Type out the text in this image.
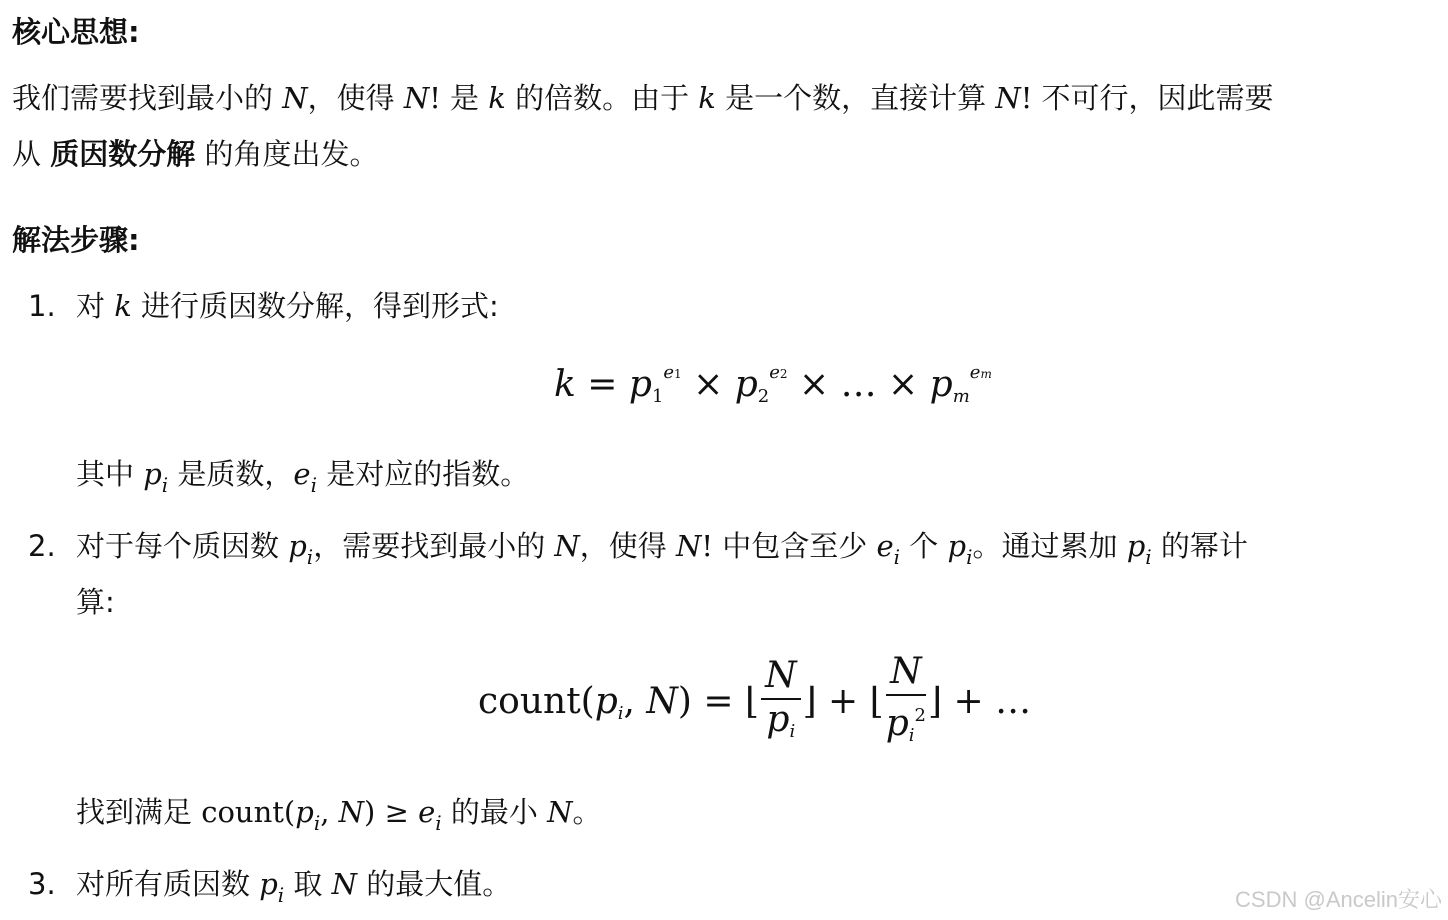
核心思想:
我们需要找到最小的 N，使得 N! 是 k 的倍数。由于 k 是一个数，直接计算 N! 不可行，因此需要
从 质因数分解 的角度出发。
解法步骤:
1. 对 k 进行质因数分解，得到形式:
$k = p1^{e1} \times p2^{e2}$ × … × $pm^{em}$
其中 $p_i$ 是质数，$e_i$ 是对应的指数。
2. 对于每个质因数 $p_i$，需要找到最小的 N，使得 N! 中包含至少 $e_i$ 个 $p_i$。通过累加 $p_i$ 的幂计
算:
count(pi, N) = ⌊ $\frac{N}{pi}$ ⌋ + ⌊ $\frac{N}{pi^2}$ ⌋ + …
找到满足 $count(p_i$, $N) \ge e_i$ 的最小 N。
3. 对所有质因数 $p_i$ 取 N 的最大值。	CSDN @Ancelin安心
